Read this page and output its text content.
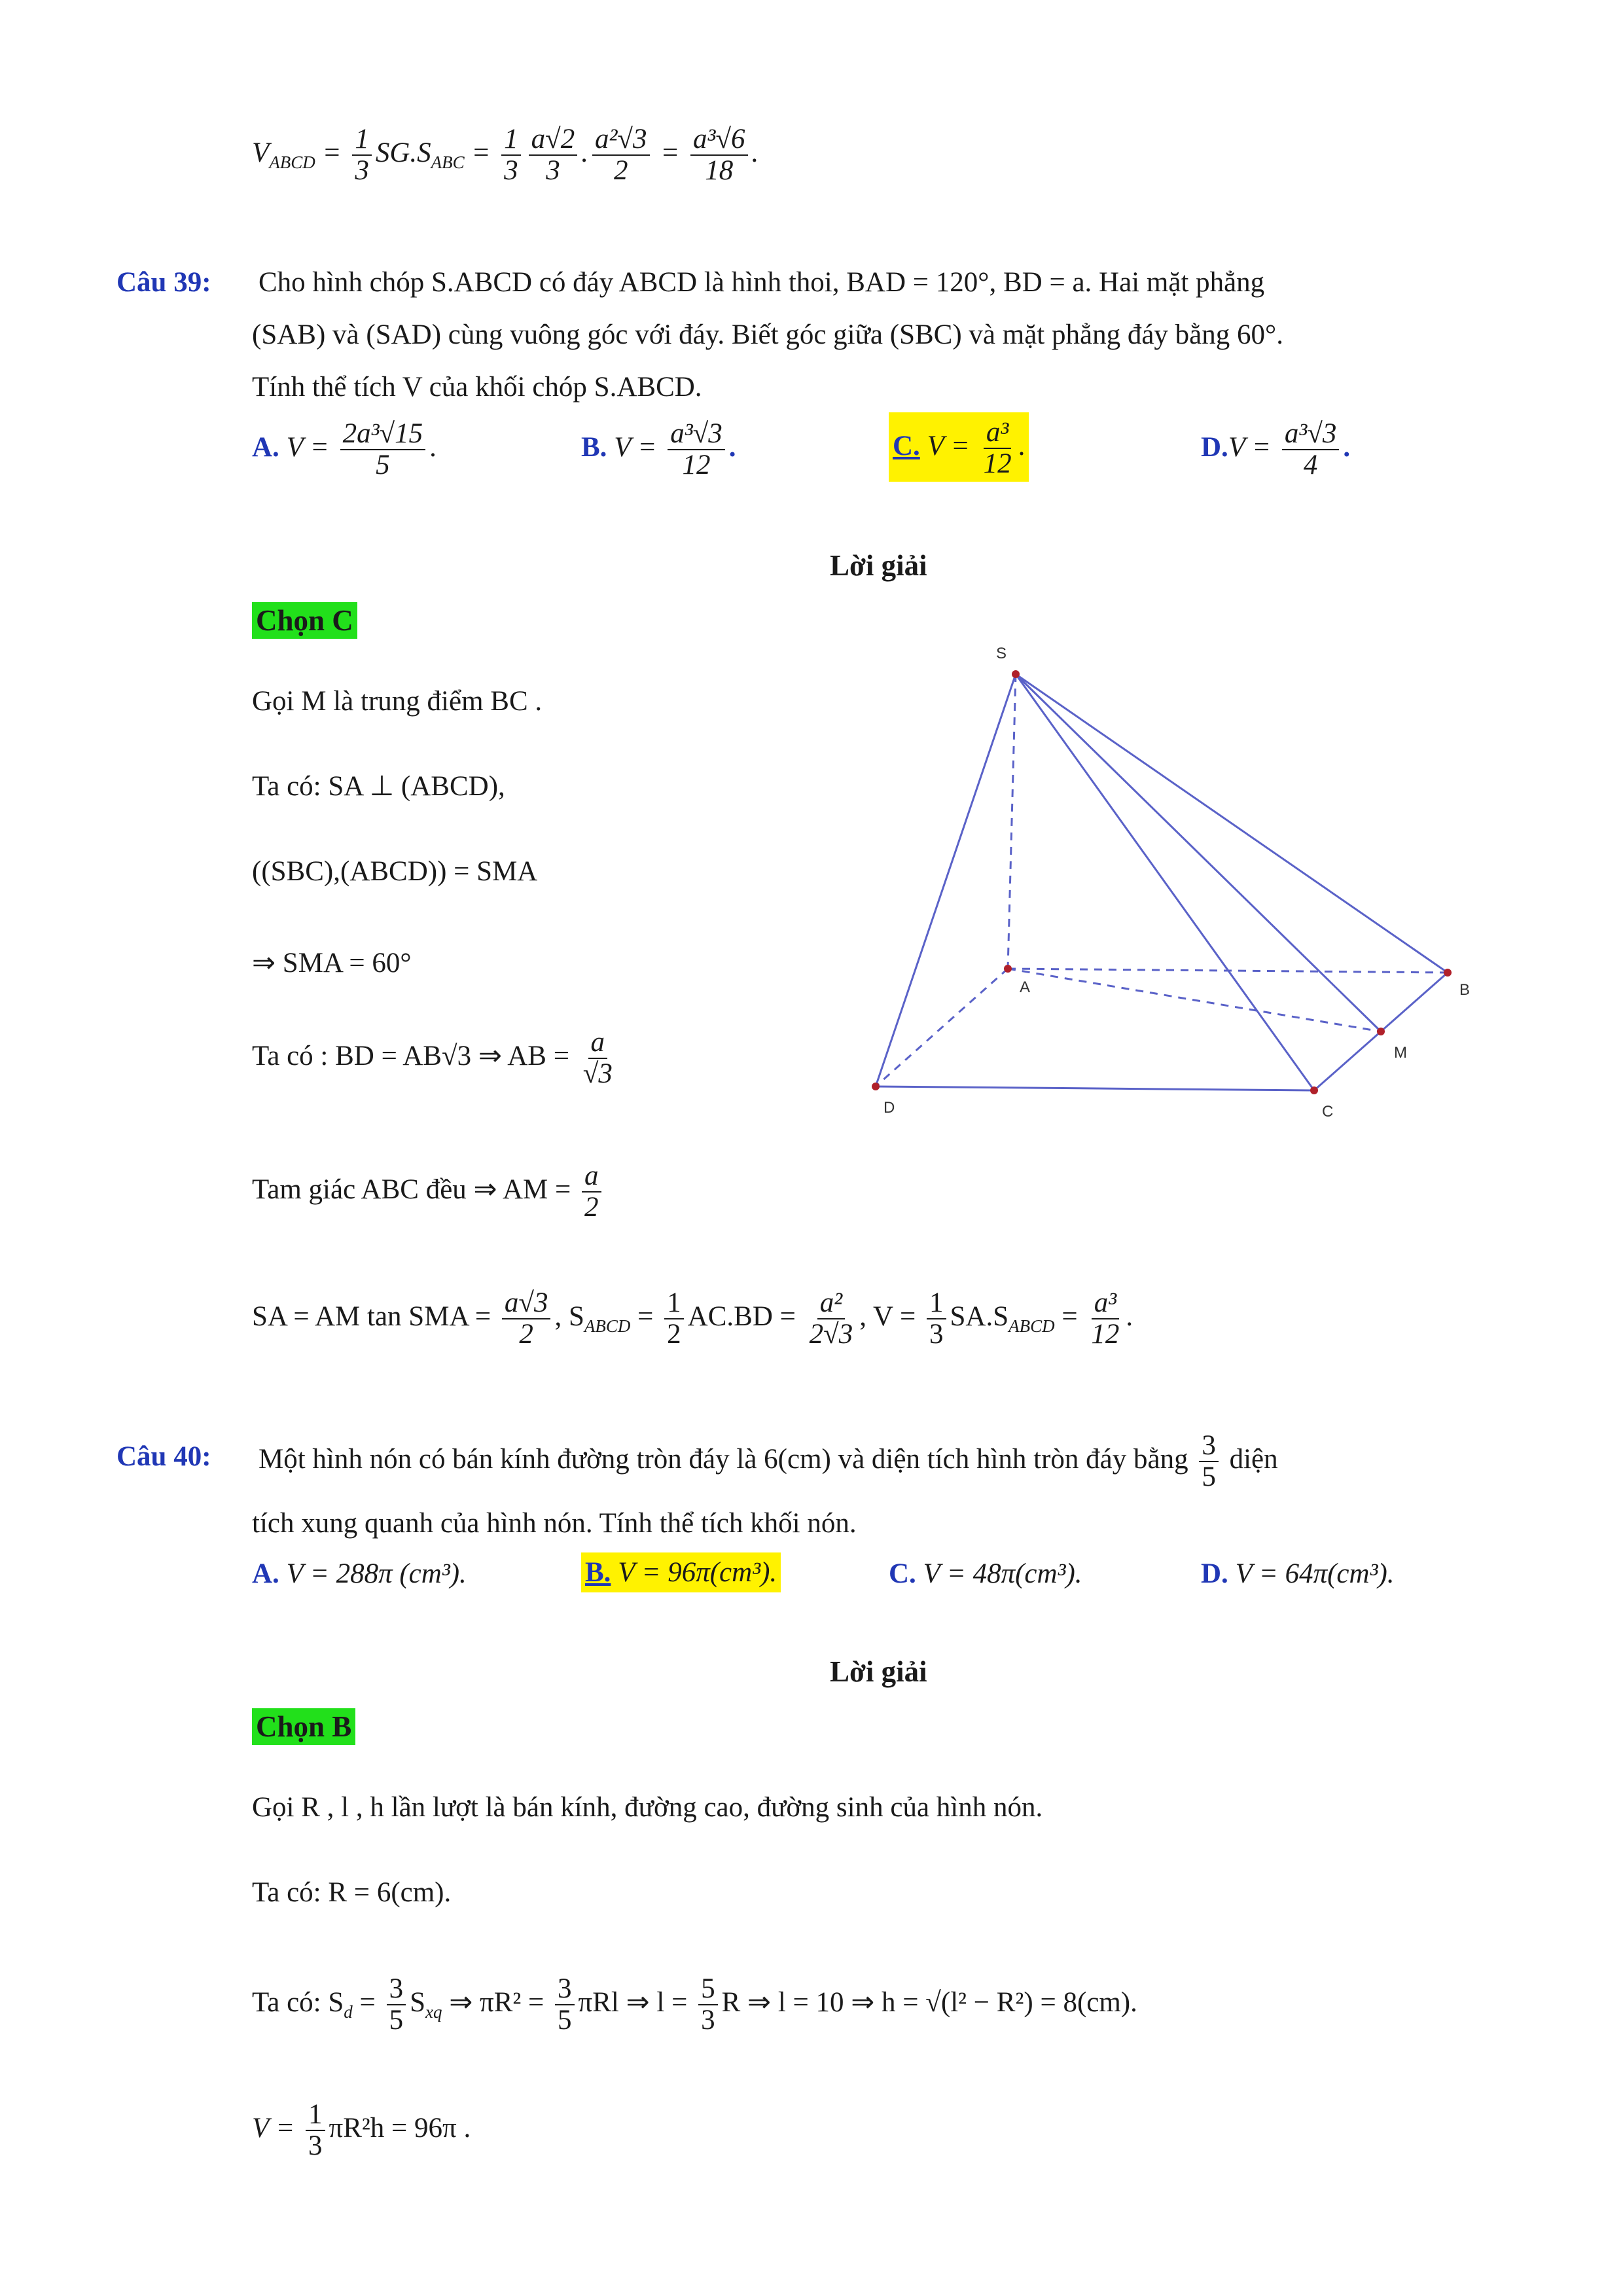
$V_{ABCD} = \frac{1}{3} SG.S_{ABC} = \frac{1}{3} \frac{a√2}{3}$ . $\frac{\text{a²√3}}{2} = \frac{\text{a³√6}}{18}$ .
Câu 39: Cho hình chóp S.ABCD có đáy ABCD là hình thoi, BAD = 120°, BD = a. Hai mặt phẳng
(SAB) và (SAD) cùng vuông góc với đáy. Biết góc giữa (SBC) và mặt phẳng đáy bằng 60°.
Tính thể tích V của khối chóp S.ABCD.
A. $V = \frac{\text{2a³√15}}{5}$ .	B. $V = \frac{\text{a³√3}}{12}$ .	C. $V = \frac{\text{a³}}{12}$ .	$D.V = \frac{\text{a³√3}}{4}$ .
Lời giải
Chọn C
Gọi M là trung điểm BC .
Ta có: SA ⊥ (ABCD),
((SBC),(ABCD)) = SMA
⇒ SMA = 60°
Ta có : BD = AB√3 ⇒ AB = $\frac{a}{√3}$
Tam giác ABC đều ⇒ AM = $\frac{a}{2}$
SA = AM tan SMA = $\frac{a√3}{2}$ , $S_{ABCD} = \frac{1}{2} AC.BD = \frac{\text{a²}}{2√3}$ , $V = \frac{1}{3} SA.S_{ABCD} = \frac{\text{a³}}{12}$ .
S
A	B
C
D
M
Câu 40: Một hình nón có bán kính đường tròn đáy là 6(cm) và diện tích hình tròn đáy bằng $\frac{3}{5}$ diện
tích xung quanh của hình nón. Tính thể tích khối nón.
A. V = 288π (cm³).	B. V = 96π(cm³).	C. V = 48π(cm³).	D. V = 64π(cm³).
Lời giải
Chọn B
Gọi R , l , h lần lượt là bán kính, đường cao, đường sinh của hình nón.
Ta có: R = 6(cm).
Ta có: $S_d = \frac{3}{5} S_{xq}$ ⇒ $\pi R^2 = \frac{3}{5}$ πRl ⇒ $l = \frac{5}{3}$ R ⇒ l = 10 ⇒ h = √(l² − R²) = 8(cm).
$V = \frac{1}{3} \pi R^2h = 96\pi$ .
